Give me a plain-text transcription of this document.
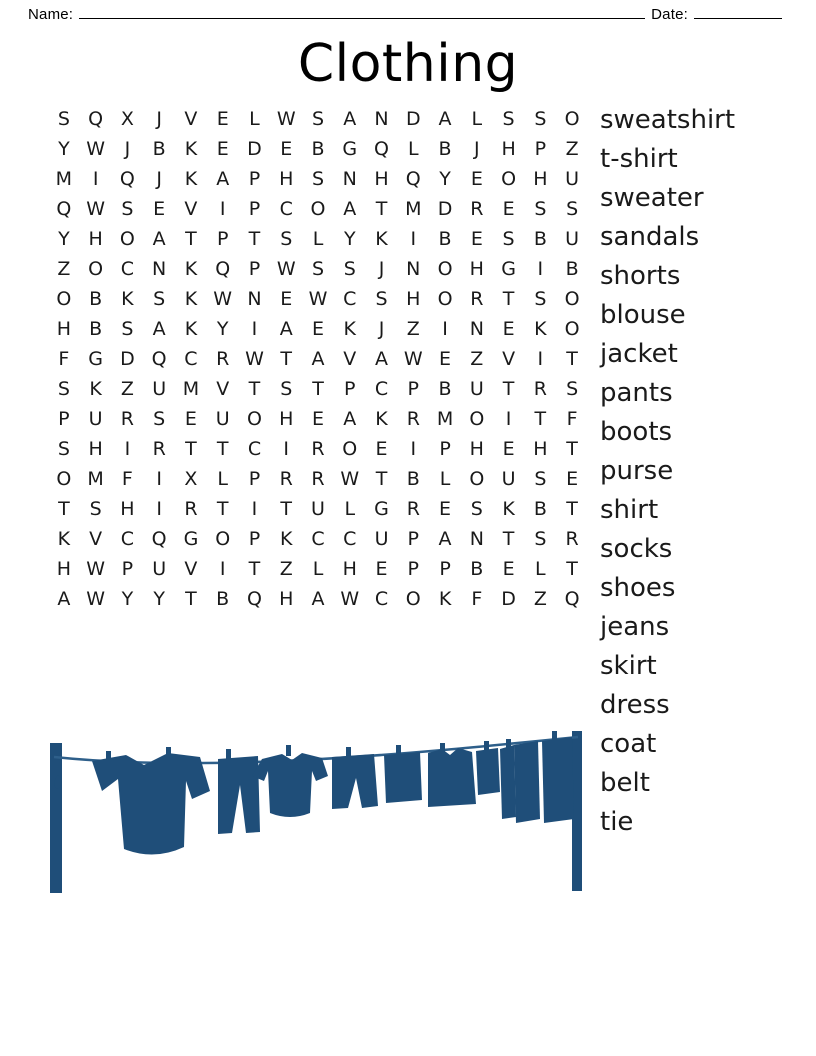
Name:	Date:
Clothing
S Q X	J	V	E	L W S	A N D A	L	S	S O
Y W	J	B	K	E D E	B G Q L	B	J	H P	Z
M	I	Q	J	K	A	P H S N H Q Y	E O H U
Q W S	E	V	I	P	C O A	T M D R	E	S	S
Y H O A	T	P	T	S	L	Y	K	I	B	E	S	B U
Z O C N K Q P W S	S	J	N O H G	I	B
O B	K	S	K W N E W C	S H O R	T	S O
H B	S	A	K	Y	I	A	E	K	J	Z	I	N E	K O
F G D Q C R W T	A V A W E	Z V	I	T
S	K	Z U M V	T	S	T	P	C	P	B U	T	R	S
P	U R	S	E U O H E	A	K R M O	I	T	F
S H	I	R	T	T	C	I	R O E	I	P H E H T
O M F	I	X	L	P	R R W T	B	L O U S	E
T	S H	I	R	T	I	T	U	L	G R	E	S	K	B	T
K	V C Q G O P	K C C U	P	A N T	S	R
H W P	U V	I	T	Z	L	H E	P	P	B	E	L	T
A W Y	Y	T	B Q H A W C O K	F D Z Q
sweatshirt
t-shirt
sweater
sandals
shorts
blouse
jacket
pants
boots
purse
shirt
socks
shoes
jeans
skirt
dress
coat
belt
tie
